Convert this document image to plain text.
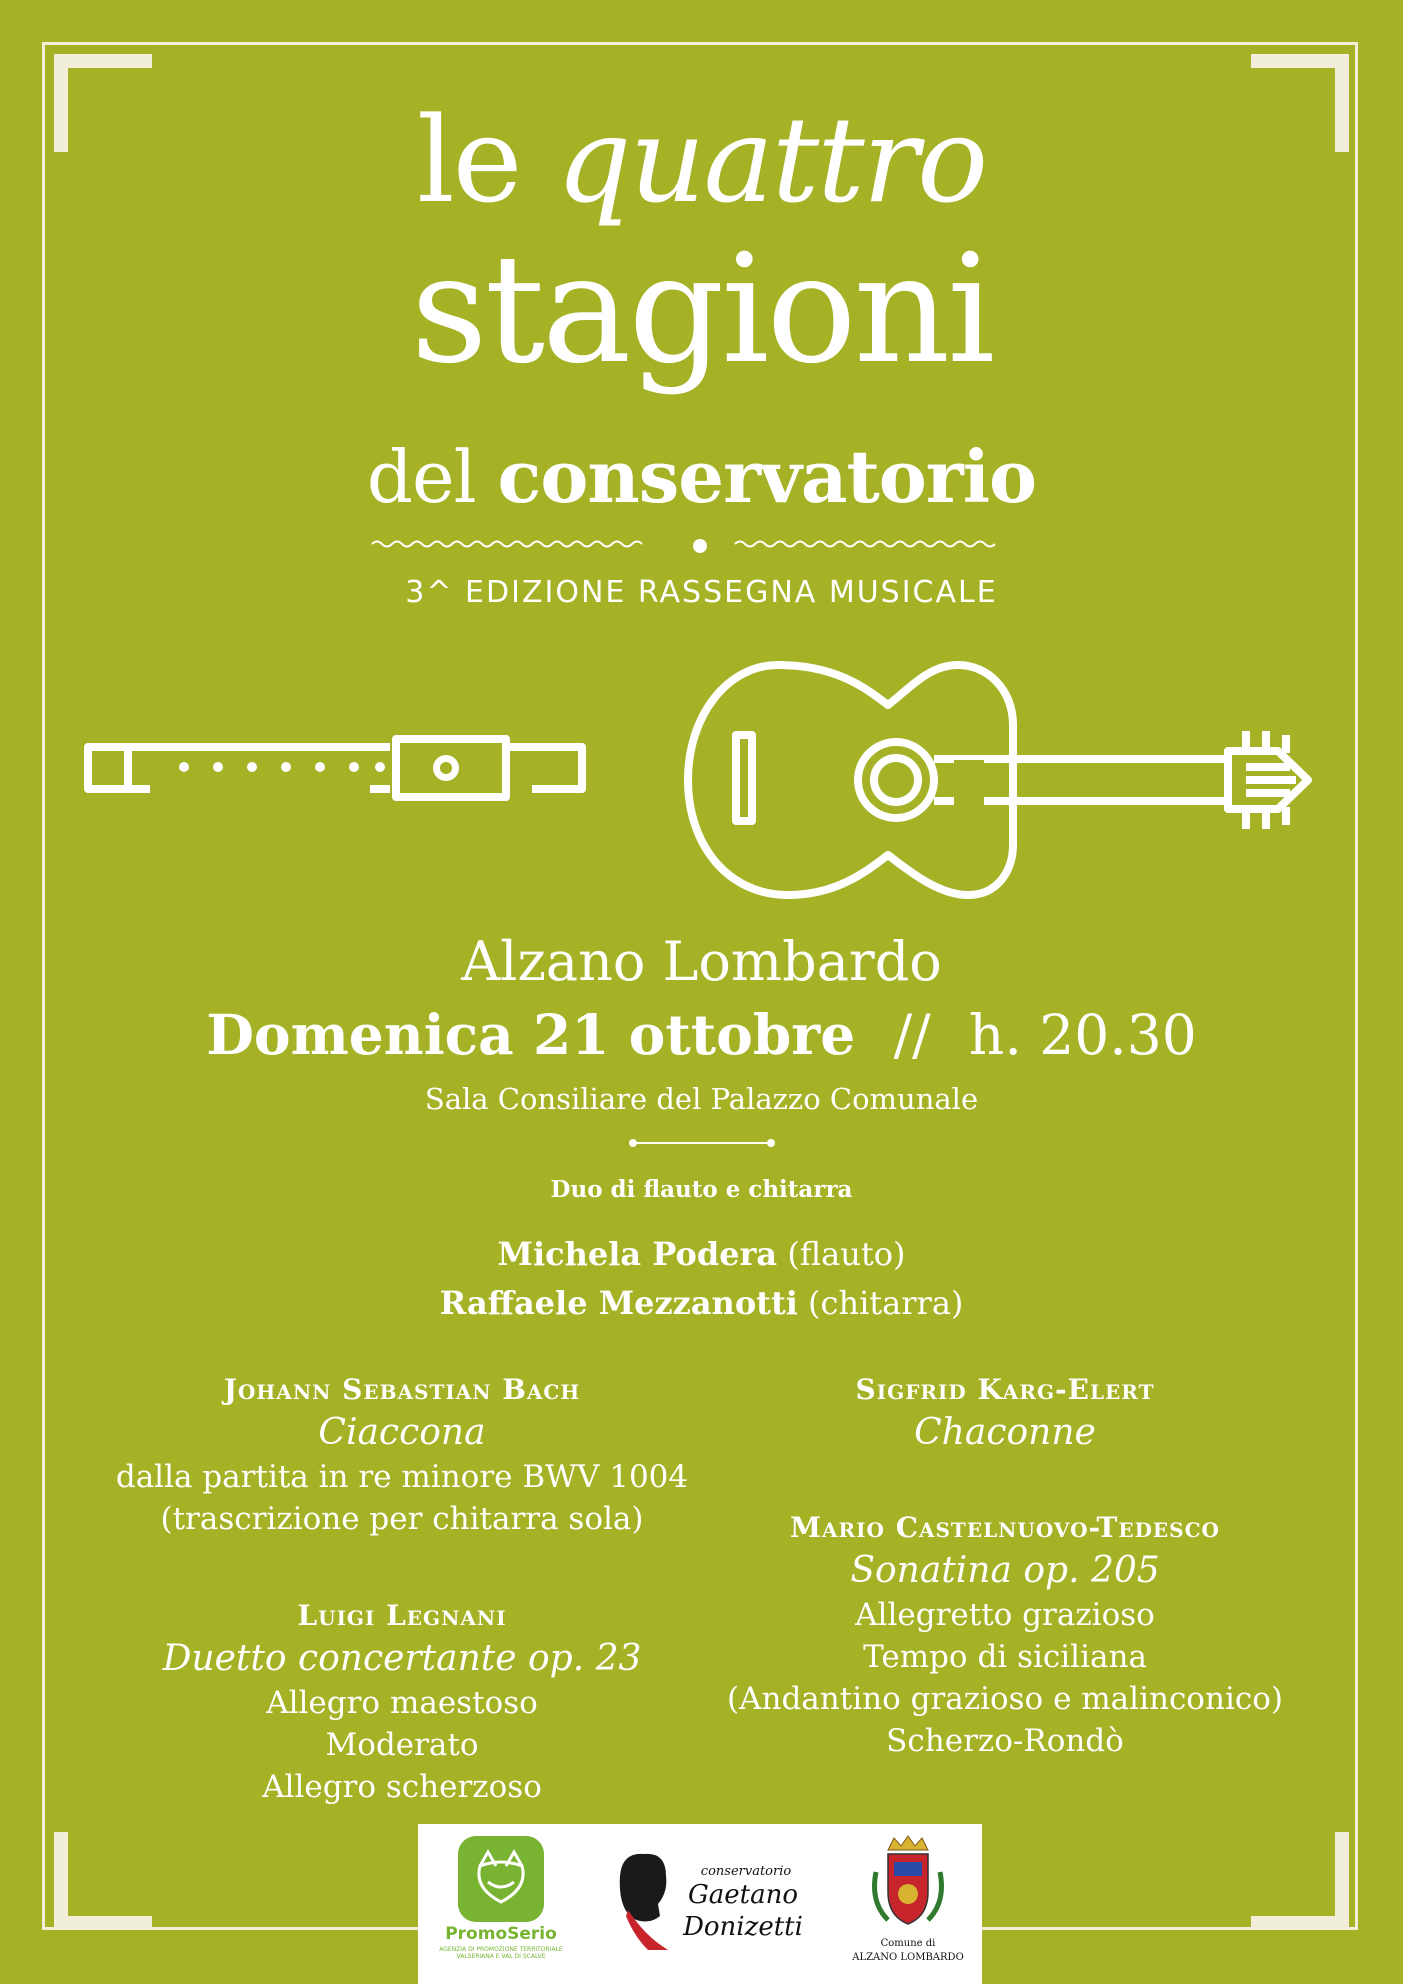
le quattro
stagioni
del conservatorio
3^ EDIZIONE RASSEGNA MUSICALE
Alzano Lombardo
Domenica 21 ottobre // h. 20.30
Sala Consiliare del Palazzo Comunale
Duo di flauto e chitarra
Michela Podera (flauto)
Raffaele Mezzanotti (chitarra)
Johann Sebastian Bach
Ciaccona
dalla partita in re minore BWV 1004
(trascrizione per chitarra sola)
Luigi Legnani
Duetto concertante op. 23
Allegro maestoso
Moderato
Allegro scherzoso
Sigfrid Karg-Elert
Chaconne
Mario Castelnuovo-Tedesco
Sonatina op. 205
Allegretto grazioso
Tempo di siciliana
(Andantino grazioso e malinconico)
Scherzo-Rondò
PromoSerio
AGENZIA DI PROMOZIONE TERRITORIALE VALSERIANA E VAL DI SCALVE
conservatorio
Gaetano
Donizetti
Comune di
ALZANO LOMBARDO
